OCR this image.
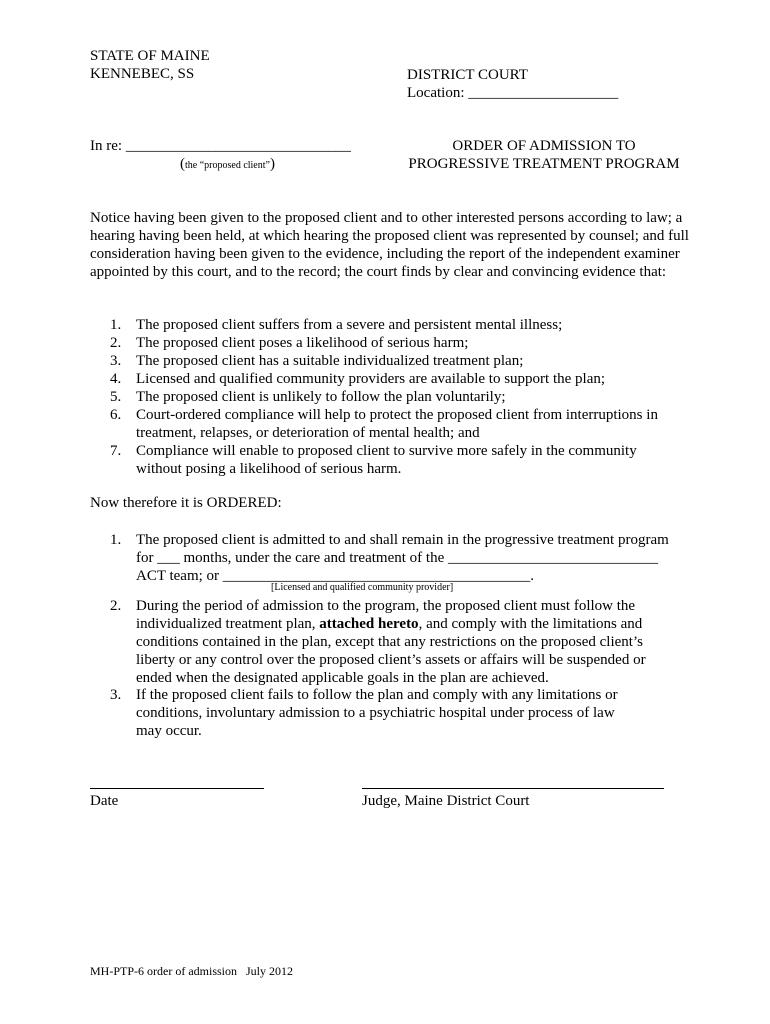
STATE OF MAINE
KENNEBEC, SS	DISTRICT COURT
Location: ____________________
In re: ______________________________
(the “proposed client”)
ORDER OF ADMISSION TO
PROGRESSIVE TREATMENT PROGRAM
Notice having been given to the proposed client and to other interested persons according to law; a hearing having been held, at which hearing the proposed client was represented by counsel; and full consideration having been given to the evidence, including the report of the independent examiner appointed by this court, and to the record; the court finds by clear and convincing evidence that:
1. The proposed client suffers from a severe and persistent mental illness;
2. The proposed client poses a likelihood of serious harm;
3. The proposed client has a suitable individualized treatment plan;
4. Licensed and qualified community providers are available to support the plan;
5. The proposed client is unlikely to follow the plan voluntarily;
6. Court-ordered compliance will help to protect the proposed client from interruptions in treatment, relapses, or deterioration of mental health; and
7. Compliance will enable to proposed client to survive more safely in the community without posing a likelihood of serious harm.
Now therefore it is ORDERED:
1. The proposed client is admitted to and shall remain in the progressive treatment program
for ___ months, under the care and treatment of the ____________________________
ACT team; or _________________________________________.
[Licensed and qualified community provider]
2. During the period of admission to the program, the proposed client must follow the individualized treatment plan, attached hereto, and comply with the limitations and conditions contained in the plan, except that any restrictions on the proposed client’s liberty or any control over the proposed client’s assets or affairs will be suspended or ended when the designated applicable goals in the plan are achieved.
3. If the proposed client fails to follow the plan and comply with any limitations or conditions, involuntary admission to a psychiatric hospital under process of law may occur.
Date	Judge, Maine District Court
MH-PTP-6 order of admission   July 2012
